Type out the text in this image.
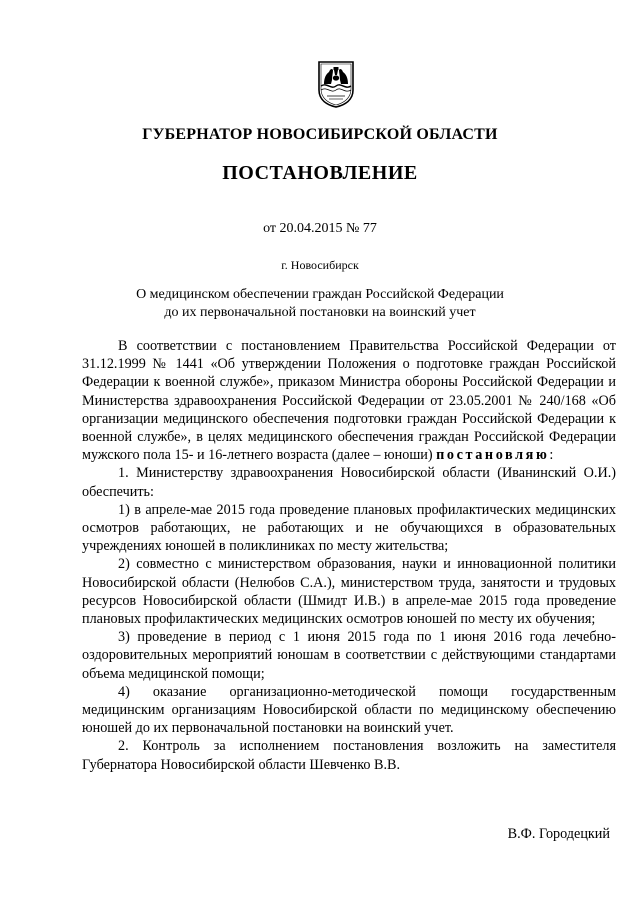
ГУБЕРНАТОР НОВОСИБИРСКОЙ ОБЛАСТИ
ПОСТАНОВЛЕНИЕ

от 20.04.2015 № 77

г. Новосибирск

О медицинском обеспечении граждан Российской Федерации
до их первоначальной постановки на воинский учет

В соответствии с постановлением Правительства Российской Федерации от 31.12.1999 № 1441 «Об утверждении Положения о подготовке граждан Российской Федерации к военной службе», приказом Министра обороны Российской Федерации и Министерства здравоохранения Российской Федерации от 23.05.2001 № 240/168 «Об организации медицинского обеспечения подготовки граждан Российской Федерации к военной службе», в целях медицинского обеспечения граждан Российской Федерации мужского пола 15- и 16-летнего возраста (далее – юноши) постановляю:

1. Министерству здравоохранения Новосибирской области (Иванинский О.И.) обеспечить:

1) в апреле-мае 2015 года проведение плановых профилактических медицинских осмотров работающих, не работающих и не обучающихся в образовательных учреждениях юношей в поликлиниках по месту жительства;

2) совместно с министерством образования, науки и инновационной политики Новосибирской области (Нелюбов С.А.), министерством труда, занятости и трудовых ресурсов Новосибирской области (Шмидт И.В.) в апреле-мае 2015 года проведение плановых профилактических медицинских осмотров юношей по месту их обучения;

3) проведение в период с 1 июня 2015 года по 1 июня 2016 года лечебно-оздоровительных мероприятий юношам в соответствии с действующими стандартами объема медицинской помощи;

4) оказание организационно-методической помощи государственным медицинским организациям Новосибирской области по медицинскому обеспечению юношей до их первоначальной постановки на воинский учет.

2. Контроль за исполнением постановления возложить на заместителя Губернатора Новосибирской области Шевченко В.В.

В.Ф. Городецкий
